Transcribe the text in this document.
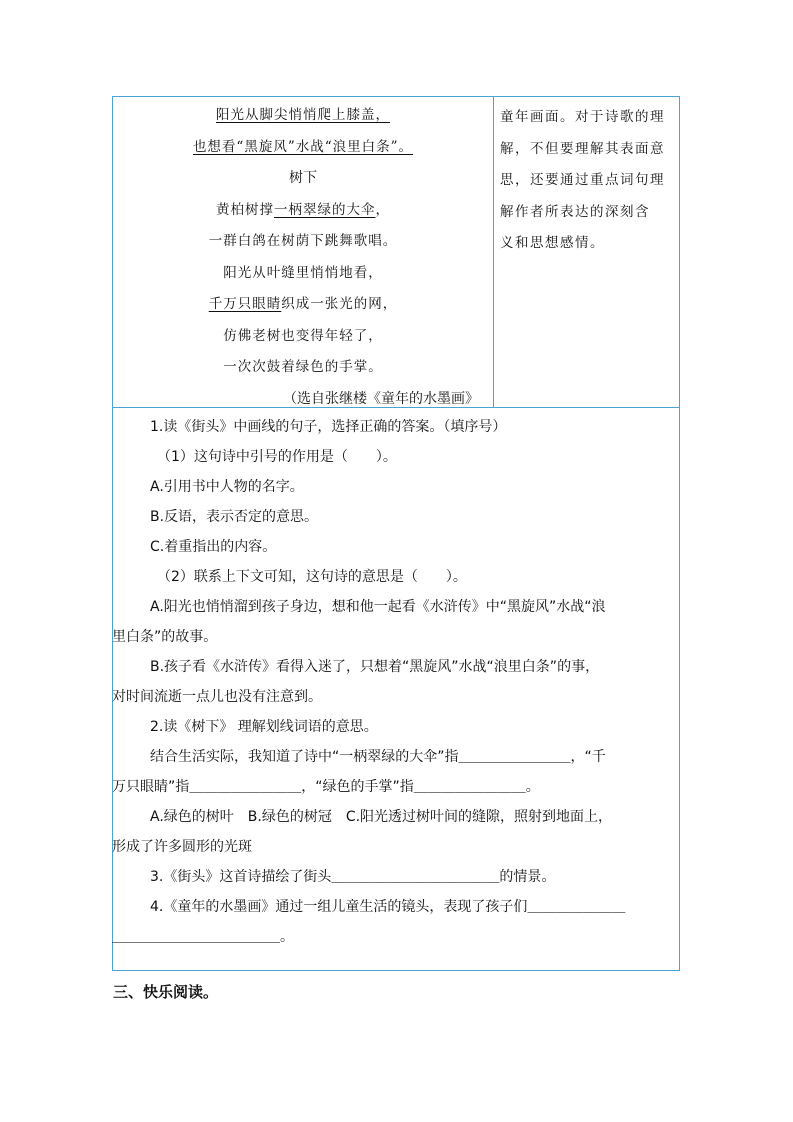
阳光从脚尖悄悄爬上膝盖，
也想看“黑旋风”水战“浪里白条”。
树下
黄柏树撑一柄翠绿的大伞，
一群白鸽在树荫下跳舞歌唱。
阳光从叶缝里悄悄地看，
千万只眼睛织成一张光的网，
仿佛老树也变得年轻了，
一次次鼓着绿色的手掌。
（选自张继楼《童年的水墨画》
童年画面。对于诗歌的理
解，不但要理解其表面意
思，还要通过重点词句理
解作者所表达的深刻含
义和思想感情。
1.读《街头》中画线的句子，选择正确的答案。（填序号）
（1）这句诗中引号的作用是（　　）。
A.引用书中人物的名字。
B.反语，表示否定的意思。
C.着重指出的内容。
（2）联系上下文可知，这句诗的意思是（　　）。
A.阳光也悄悄溜到孩子身边，想和他一起看《水浒传》中“黑旋风”水战“浪
里白条”的故事。
B.孩子看《水浒传》看得入迷了，只想着“黑旋风”水战“浪里白条”的事，
对时间流逝一点儿也没有注意到。
2.读《树下》 理解划线词语的意思。
结合生活实际，我知道了诗中“一柄翠绿的大伞”指＿＿＿＿＿＿＿＿，“千
万只眼睛”指＿＿＿＿＿＿＿＿，“绿色的手掌”指＿＿＿＿＿＿＿＿。
A.绿色的树叶　B.绿色的树冠　C.阳光透过树叶间的缝隙，照射到地面上，
形成了许多圆形的光斑
3.《街头》这首诗描绘了街头＿＿＿＿＿＿＿＿＿＿＿＿的情景。
4.《童年的水墨画》通过一组儿童生活的镜头，表现了孩子们＿＿＿＿＿＿＿
＿＿＿＿＿＿＿＿＿＿＿＿。
三、快乐阅读。
